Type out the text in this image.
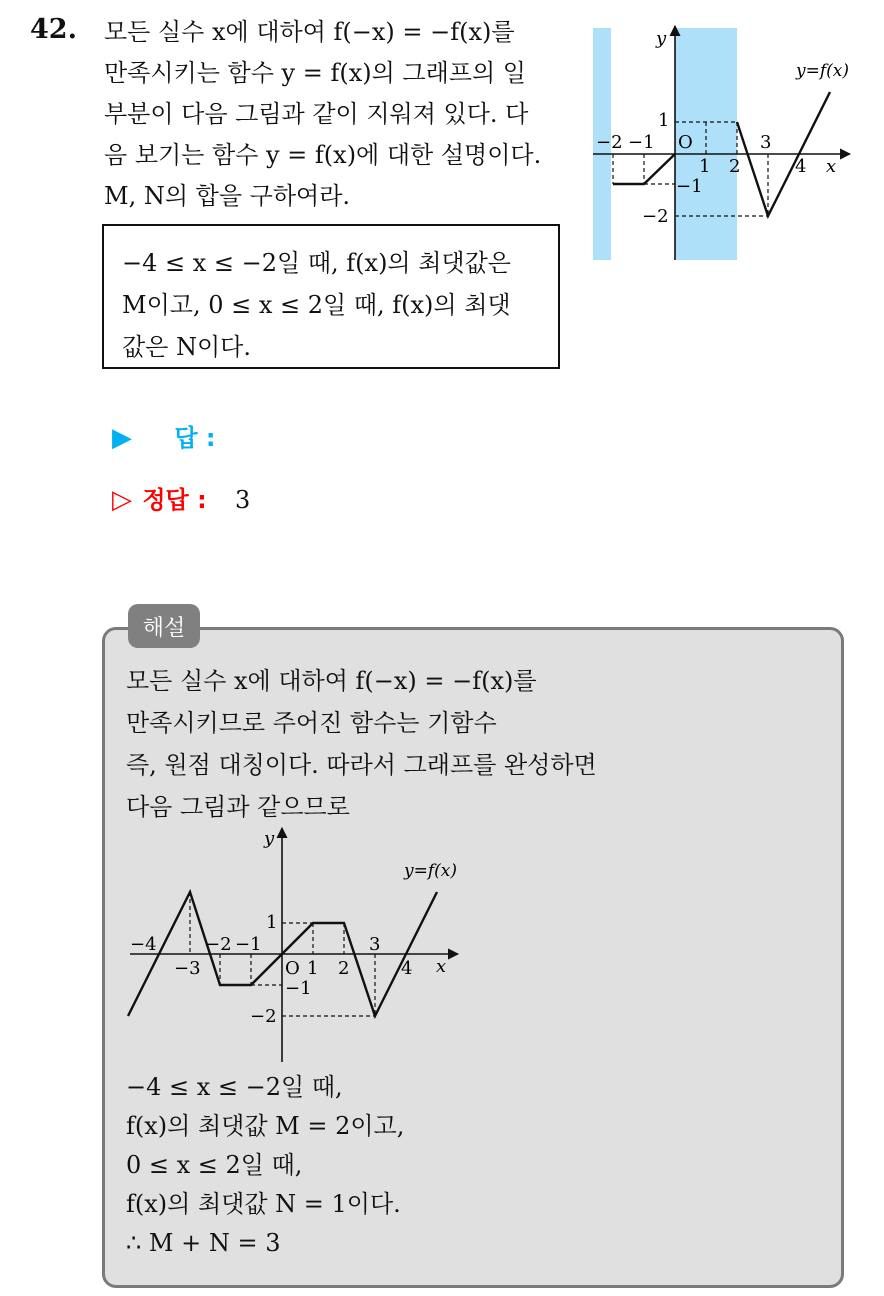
42. 모든 실수 x에 대하여 f(−x) = −f(x)를
만족시키는 함수 y = f(x)의 그래프의 일
부분이 다음 그림과 같이 지워져 있다. 다
음 보기는 함수 y = f(x)에 대한 설명이다.
M, N의 합을 구하여라.

−4 ≤ x ≤ −2일 때, f(x)의 최댓값은
M이고, 0 ≤ x ≤ 2일 때, f(x)의 최댓
값은 N이다.
y
x
y=f(x)
O
−2 −1
1 2
3
4
1
−1
−2
▶ 답 :
▷ 정답 : 3
해설

모든 실수 x에 대하여 f(−x) = −f(x)를
만족시키므로 주어진 함수는 기함수
즉, 원점 대칭이다. 따라서 그래프를 완성하면
다음 그림과 같으므로

y
x
y=f(x)
O
−4
−3
−2 −1
1 2
3
4
1
−1
−2

−4 ≤ x ≤ −2일 때,
f(x)의 최댓값 M = 2이고,
0 ≤ x ≤ 2일 때,
f(x)의 최댓값 N = 1이다.
∴ M + N = 3
